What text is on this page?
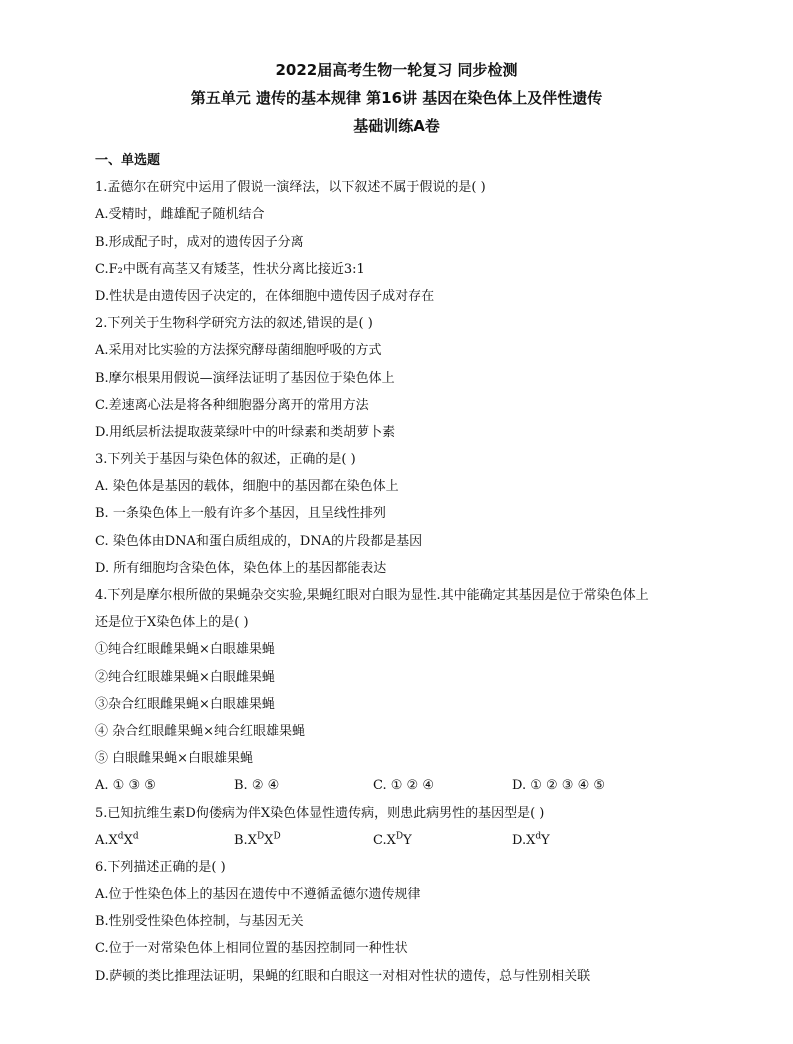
2022届高考生物一轮复习 同步检测
第五单元 遗传的基本规律 第16讲 基因在染色体上及伴性遗传
基础训练A卷
一、单选题
1.孟德尔在研究中运用了假说一演绎法，以下叙述不属于假说的是( )
A.受精时，雌雄配子随机结合
B.形成配子时，成对的遗传因子分离
C.F₂中既有高茎又有矮茎，性状分离比接近3:1
D.性状是由遗传因子决定的，在体细胞中遗传因子成对存在
2.下列关于生物科学研究方法的叙述,错误的是( )
A.采用对比实验的方法探究酵母菌细胞呼吸的方式
B.摩尔根果用假说—演绎法证明了基因位于染色体上
C.差速离心法是将各种细胞器分离开的常用方法
D.用纸层析法提取菠菜绿叶中的叶绿素和类胡萝卜素
3.下列关于基因与染色体的叙述，正确的是( )
A. 染色体是基因的载体，细胞中的基因都在染色体上
B. 一条染色体上一般有许多个基因，且呈线性排列
C. 染色体由DNA和蛋白质组成的，DNA的片段都是基因
D. 所有细胞均含染色体，染色体上的基因都能表达
4.下列是摩尔根所做的果蝇杂交实验,果蝇红眼对白眼为显性.其中能确定其基因是位于常染色体上
还是位于X染色体上的是( )
①纯合红眼雌果蝇×白眼雄果蝇
②纯合红眼雄果蝇×白眼雌果蝇
③杂合红眼雌果蝇×白眼雄果蝇
④ 杂合红眼雌果蝇×纯合红眼雄果蝇
⑤ 白眼雌果蝇×白眼雄果蝇
A. ① ③ ⑤	B. ② ④	C. ① ② ④	D. ① ② ③ ④ ⑤
5.已知抗维生素D佝偻病为伴X染色体显性遗传病，则患此病男性的基因型是( )
$A.X^dX^d$	$B.X^DX^D$	$C.X^DY$	$D.X^dY$
6.下列描述正确的是( )
A.位于性染色体上的基因在遗传中不遵循孟德尔遗传规律
B.性别受性染色体控制，与基因无关
C.位于一对常染色体上相同位置的基因控制同一种性状
D.萨顿的类比推理法证明，果蝇的红眼和白眼这一对相对性状的遗传，总与性别相关联
